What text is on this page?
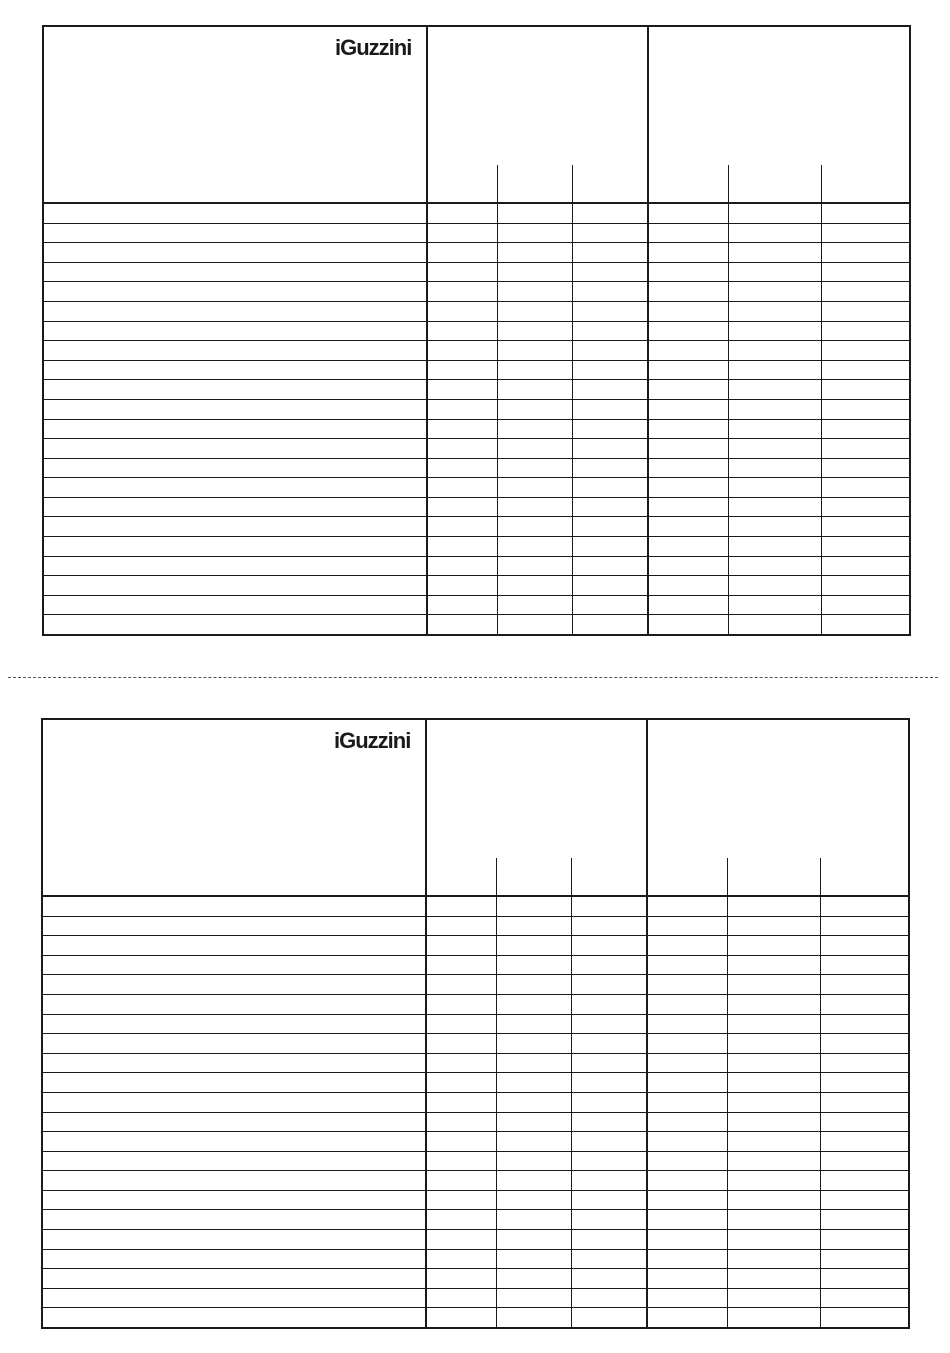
iGuzzini
iGuzzini
